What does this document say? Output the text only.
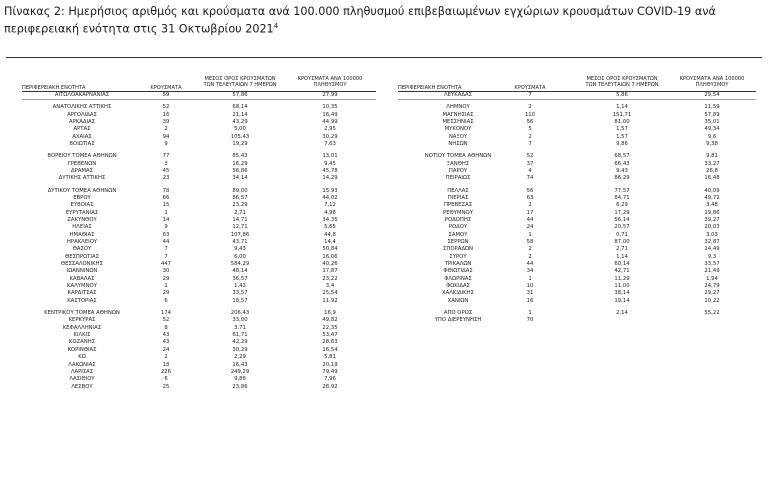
Πίνακας 2: Ημερήσιος αριθμός και κρούσματα ανά 100.000 πληθυσμού επιβεβαιωμένων εγχώριων κρουσμάτων COVID-19 ανά περιφερειακή ενότητα στις 31 Οκτωβρίου 2021$^4$
ΠΕΡΙΦΕΡΕΙΑΚΗ ΕΝΟΤΗΤΑ	ΚΡΟΥΣΜΑΤΑ
ΜΕΣΟΣ ΟΡΟΣ ΚΡΟΥΣΜΑΤΩΝ
ΤΩΝ ΤΕΛΕΥΤΑΙΩΝ 7 ΗΜΕΡΩΝ
ΚΡΟΥΣΜΑΤΑ ΑΝΑ 100000
ΠΛΗΘΥΣΜΟΥ	ΠΕΡΙΦΕΡΕΙΑΚΗ ΕΝΟΤΗΤΑ	ΚΡΟΥΣΜΑΤΑ
ΜΕΣΟΣ ΟΡΟΣ ΚΡΟΥΣΜΑΤΩΝ
ΤΩΝ ΤΕΛΕΥΤΑΙΩΝ 7 ΗΜΕΡΩΝ
ΚΡΟΥΣΜΑΤΑ ΑΝΑ 100000
ΠΛΗΘΥΣΜΟΥ
ΑΙΤΩΛΟΑΚΑΡΝΑΝΙΑΣ	59	57,86	27,99
ΑΝΑΤΟΛΙΚΗΣ ΑΤΤΙΚΗΣ	52	68,14	10,35
ΑΡΓΟΛΙΔΑΣ	16	21,14	16,49
ΑΡΚΑΔΙΑΣ	39	43,29	44,99
ΑΡΤΑΣ	2	5,00	2,95
ΑΧΑΙΑΣ	94	105,43	30,29
ΒΟΙΩΤΙΑΣ	9	19,29	7,63
ΒΟΡΕΙΟΥ ΤΟΜΕΑ ΑΘΗΝΩΝ	77	85,43	13,01
ΓΡΕΒΕΝΩΝ	3	16,29	9,45
ΔΡΑΜΑΣ	45	56,86	45,78
ΔΥΤΙΚΗΣ ΑΤΤΙΚΗΣ	23	34,14	14,29
ΔΥΤΙΚΟΥ ΤΟΜΕΑ ΑΘΗΝΩΝ	78	89,00	15,93
ΕΒΡΟΥ	66	86,57	44,02
ΕΥΒΟΙΑΣ	15	23,29	7,12
ΕΥΡΥΤΑΝΙΑΣ	1	2,71	4,98
ΖΑΚΥΝΘΟΥ	14	14,71	34,35
ΗΛΕΙΑΣ	9	12,71	5,65
ΗΜΑΘΙΑΣ	63	107,86	44,8
ΗΡΑΚΛΕΙΟΥ	44	43,71	14,4
ΘΑΣΟΥ	7	9,43	50,84
ΘΕΣΠΡΩΤΙΑΣ	7	6,00	16,06
ΘΕΣΣΑΛΟΝΙΚΗΣ	447	584,29	40,26
ΙΩΑΝΝΙΝΩΝ	30	48,14	17,87
ΚΑΒΑΛΑΣ	29	36,57	23,22
ΚΑΛΥΜΝΟΥ	1	1,43	3,4
ΚΑΡΔΙΤΣΑΣ	29	33,57	25,54
ΚΑΣΤΟΡΙΑΣ	6	18,57	11,92
ΚΕΝΤΡΙΚΟΥ ΤΟΜΕΑ ΑΘΗΝΩΝ	174	206,43	16,9
ΚΕΡΚΥΡΑΣ	52	33,00	49,82
ΚΕΦΑΛΛΗΝΙΑΣ	8	3,71	22,35
ΚΙΛΚΙΣ	43	61,71	53,47
ΚΟΖΑΝΗΣ	43	42,29	28,63
ΚΟΡΙΝΘΙΑΣ	24	30,29	16,54
ΚΩ	2	2,29	5,81
ΛΑΚΩΝΙΑΣ	18	16,43	20,19
ΛΑΡΙΣΑΣ	226	249,29	79,49
ΛΑΣΙΘΙΟΥ	6	9,86	7,96
ΛΕΣΒΟΥ	25	23,86	28,92
ΛΕΥΚΑΔΑΣ	7	5,86	29,54
ΛΗΜΝΟΥ	2	1,14	11,59
ΜΑΓΝΗΣΙΑΣ	110	151,71	57,89
ΜΕΣΣΗΝΙΑΣ	56	81,00	35,01
ΜΥΚΟΝΟΥ	5	1,57	49,34
ΝΑΞΟΥ	2	1,57	9,6
ΝΗΣΩΝ	7	9,86	9,38
ΝΟΤΙΟΥ ΤΟΜΕΑ ΑΘΗΝΩΝ	52	68,57	9,81
ΞΑΝΘΗΣ	37	66,43	33,27
ΠΑΡΟΥ	4	9,43	26,8
ΠΕΙΡΑΙΩΣ	74	86,29	16,48
ΠΕΛΛΑΣ	56	77,57	40,09
ΠΙΕΡΙΑΣ	63	84,71	49,72
ΠΡΕΒΕΖΑΣ	2	6,29	3,48
ΡΕΘΥΜΝΟΥ	17	17,29	19,86
ΡΟΔΟΠΗΣ	44	56,14	39,27
ΡΟΔΟΥ	24	20,57	20,03
ΣΑΜΟΥ	1	0,71	3,03
ΣΕΡΡΩΝ	58	87,00	32,87
ΣΠΟΡΑΔΩΝ	2	2,71	14,49
ΣΥΡΟΥ	2	1,14	9,3
ΤΡΙΚΑΛΩΝ	44	60,14	33,57
ΦΘΙΩΤΙΔΑΣ	34	42,71	21,49
ΦΛΩΡΙΝΑΣ	1	11,29	1,94
ΦΩΚΙΔΑΣ	10	11,00	24,79
ΧΑΛΚΙΔΙΚΗΣ	31	38,14	29,27
ΧΑΝΙΩΝ	16	19,14	10,22
ΑΠΟ ΟΡΟΣ	1	2,14	55,22
ΥΠΟ ΔΙΕΡΕΥΝΗΣΗ	70
